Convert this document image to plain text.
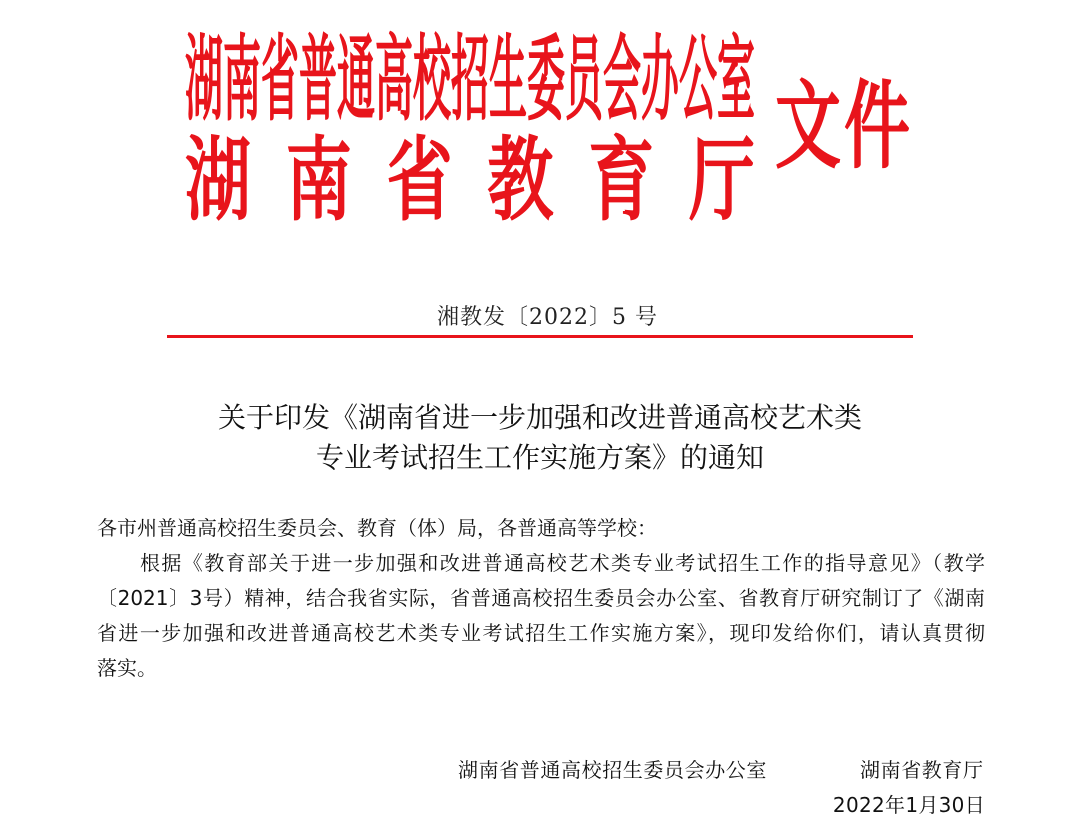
湖南省普通高校招生委员会办公室
湖南省教育厅
文件
湘教发〔2022〕5 号
关于印发《湖南省进一步加强和改进普通高校艺术类
专业考试招生工作实施方案》的通知
各市州普通高校招生委员会、教育（体）局，各普通高等学校：
根据《教育部关于进一步加强和改进普通高校艺术类专业考试招生工作的指导意见》（教学
〔2021〕3号）精神，结合我省实际，省普通高校招生委员会办公室、省教育厅研究制订了《湖南
省进一步加强和改进普通高校艺术类专业考试招生工作实施方案》，现印发给你们，请认真贯彻
落实。
湖南省普通高校招生委员会办公室	湖南省教育厅
2022年1月30日
